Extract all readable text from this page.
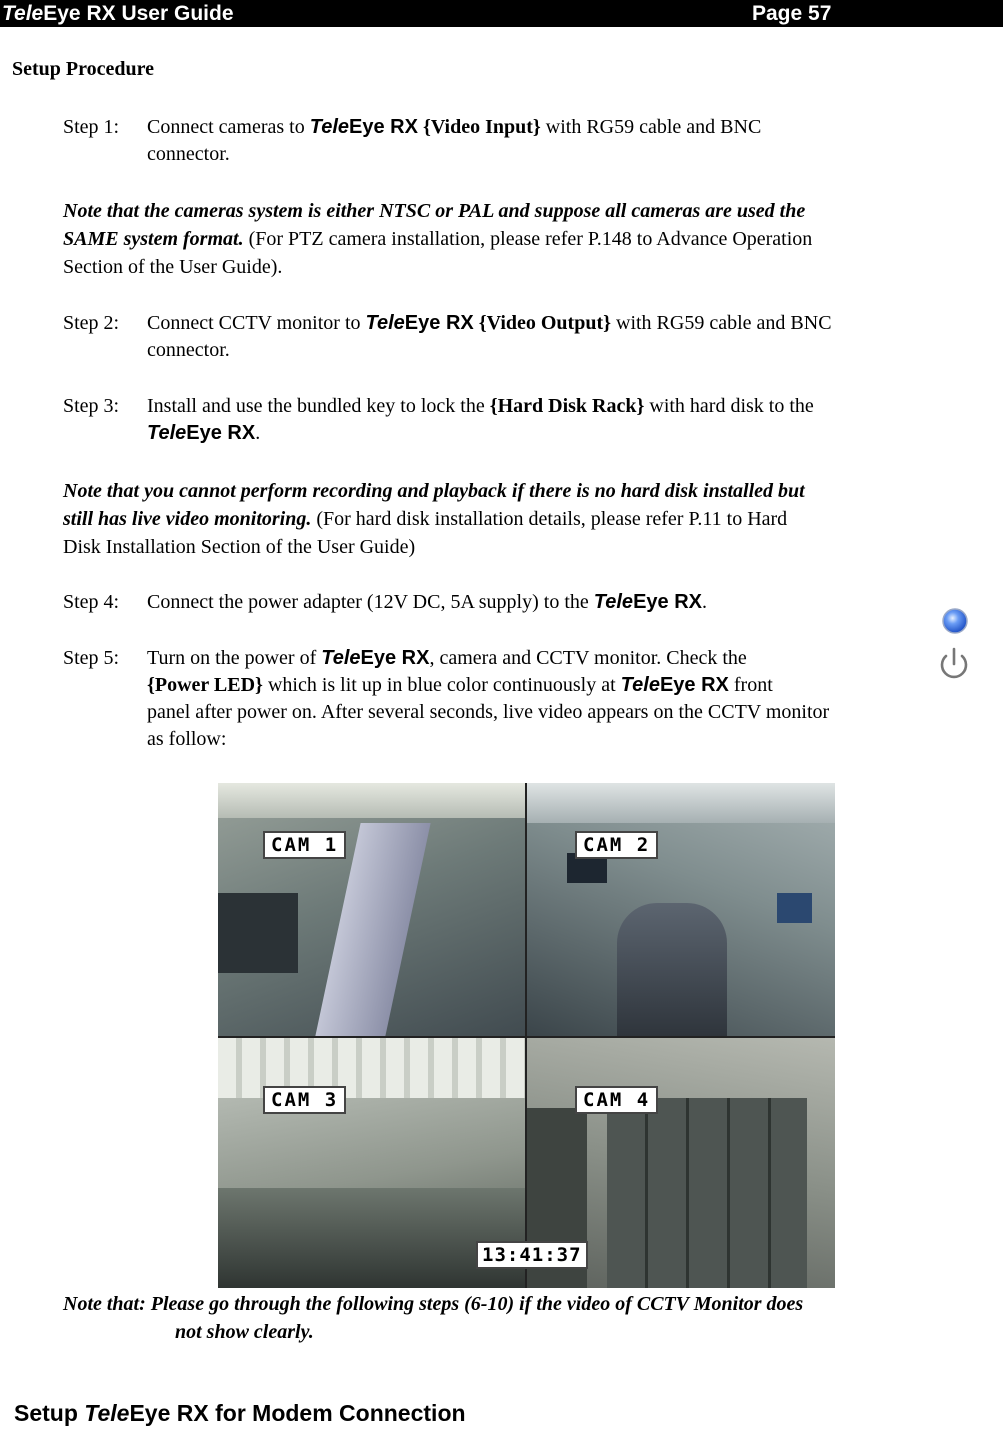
TeleEye RX User Guide	Page 57
Setup Procedure
Step 1: Connect cameras to TeleEye RX {Video Input} with RG59 cable and BNC
connector.
Note that the cameras system is either NTSC or PAL and suppose all cameras are used the
SAME system format. (For PTZ camera installation, please refer P.148 to Advance Operation
Section of the User Guide).
Step 2: Connect CCTV monitor to TeleEye RX {Video Output} with RG59 cable and BNC
connector.
Step 3: Install and use the bundled key to lock the {Hard Disk Rack} with hard disk to the
TeleEye RX.
Note that you cannot perform recording and playback if there is no hard disk installed but
still has live video monitoring. (For hard disk installation details, please refer P.11 to Hard
Disk Installation Section of the User Guide)
Step 4: Connect the power adapter (12V DC, 5A supply) to the TeleEye RX.
Step 5: Turn on the power of TeleEye RX, camera and CCTV monitor. Check the
{Power LED} which is lit up in blue color continuously at TeleEye RX front
panel after power on. After several seconds, live video appears on the CCTV monitor
as follow:
CAM 1	CAM 2
CAM 3	CAM 4
13:41:37
Note that: Please go through the following steps (6-10) if the video of CCTV Monitor does
not show clearly.
Setup TeleEye RX for Modem Connection
